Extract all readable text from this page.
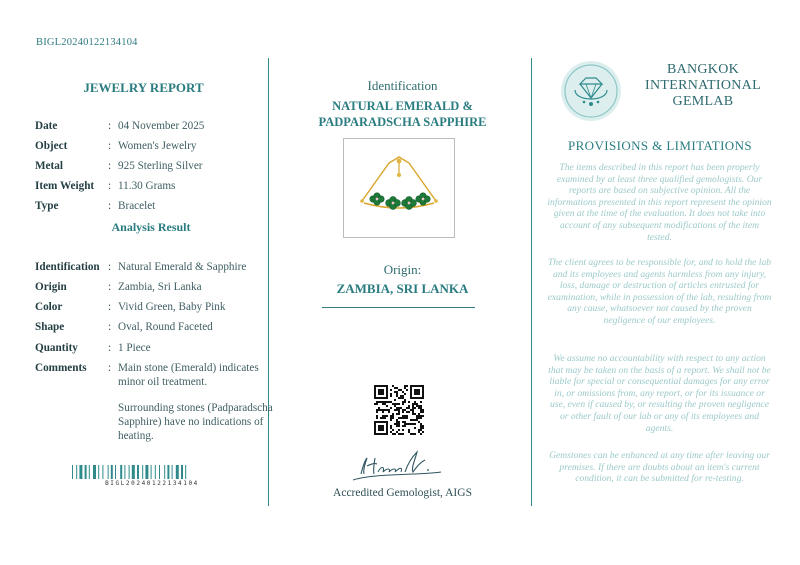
BIGL20240122134104
JEWELRY REPORT
Date	: 04 November 2025
Object	: Women's Jewelry
Metal	: 925 Sterling Silver
Item Weight : 11.30 Grams
Type	: Bracelet
Analysis Result
Identification : Natural Emerald & Sapphire
Origin	: Zambia, Sri Lanka
Color	: Vivid Green, Baby Pink
Shape	: Oval, Round Faceted
Quantity	: 1 Piece
Comments : Main stone (Emerald) indicates minor oil treatment.
Surrounding stones (Padparadscha Sapphire) have no indications of heating.
BIGL20240122134104
Identification
NATURAL EMERALD &
PADPARADSCHA SAPPHIRE
Origin:
ZAMBIA, SRI LANKA
Accredited Gemologist, AIGS
BANGKOK
INTERNATIONAL
GEMLAB
PROVISIONS & LIMITATIONS
The items described in this report has been properly examined by at least three qualified gemologists. Our reports are based on subjective opinion. All the informations presented in this report represent the opinion given at the time of the evaluation. It does not take into account of any subsequent modifications of the item tested.
The client agrees to be responsible for, and to hold the lab and its employees and agents harmless from any injury, loss, damage or destruction of articles entrusted for examination, while in possession of the lab, resulting from any cause, whatsoever not caused by the proven negligence of our employees.
We assume no accountability with respect to any action that may be taken on the basis of a report. We shall not be liable for special or consequential damages for any error in, or omissions from, any report, or for its issuance or use, even if caused by, or resulting the proven negligence or other fault of our lab or any of its employees and agents.
Gemstones can be enhanced at any time after leaving our premises. If there are doubts about an item's current condition, it can be submitted for re-testing.
